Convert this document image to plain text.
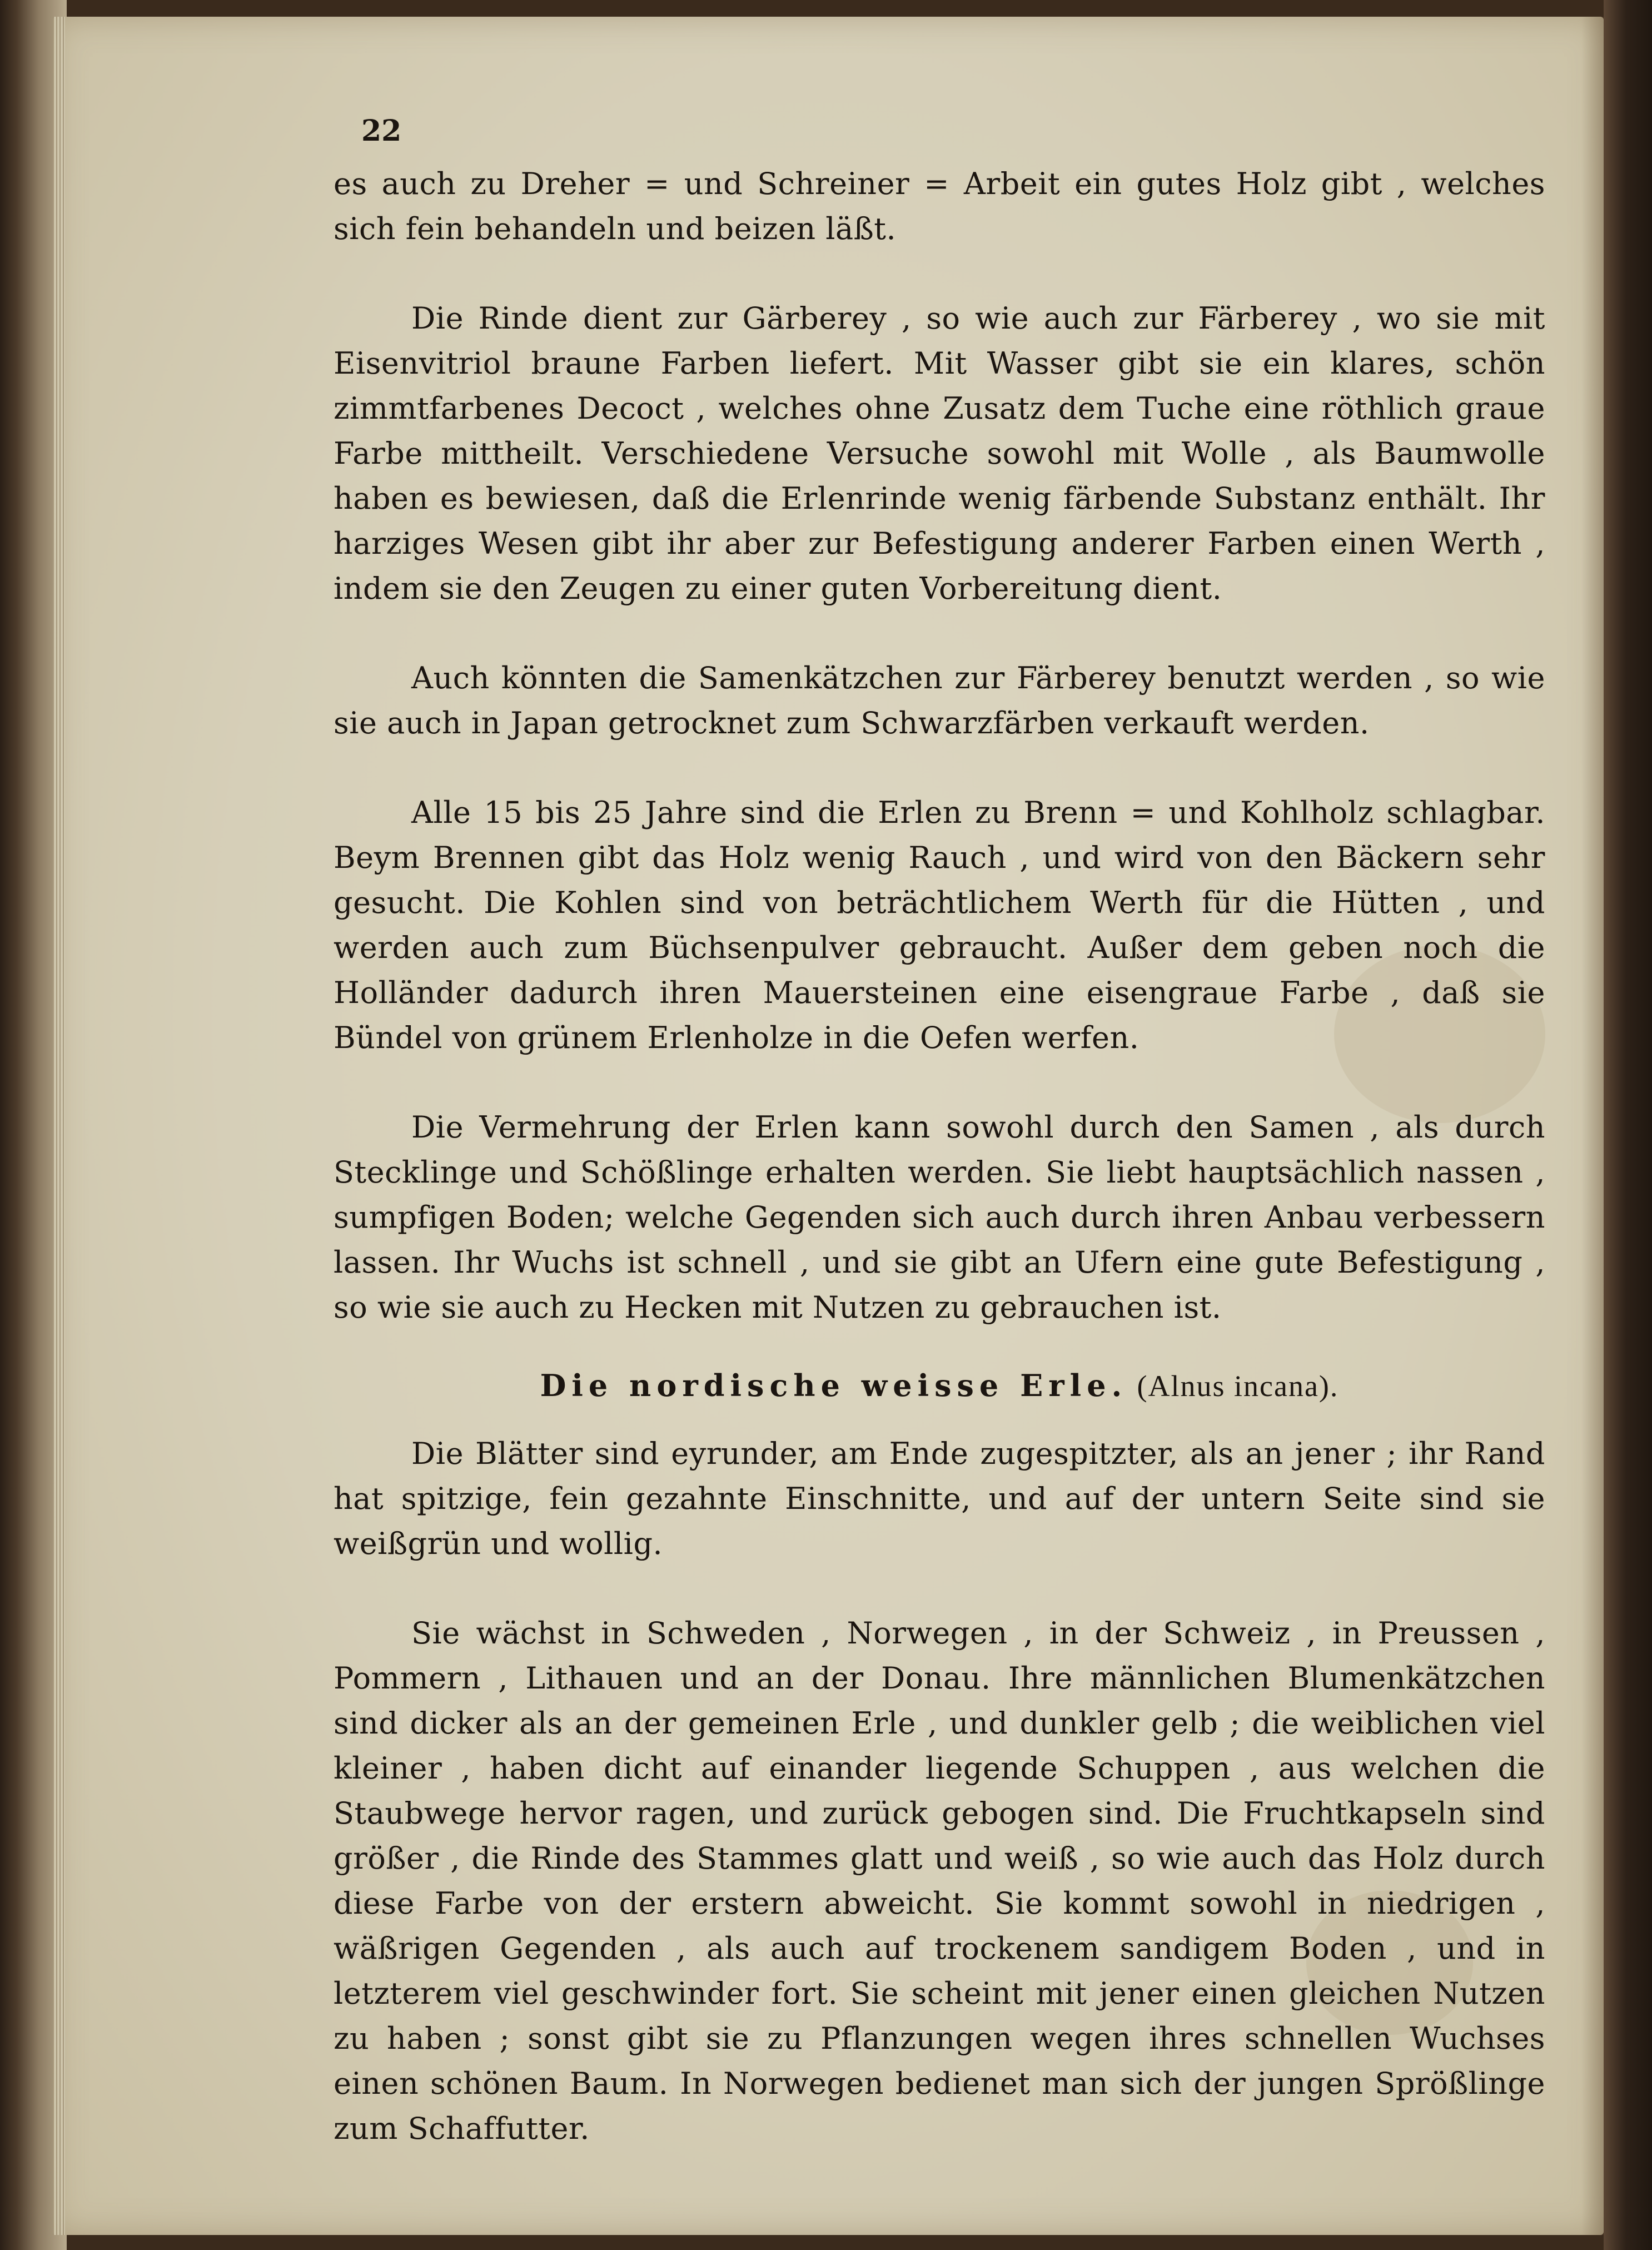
22

es auch zu Dreher = und Schreiner = Arbeit ein gutes Holz gibt , welches sich fein behandeln und beizen läßt.

Die Rinde dient zur Gärberey , so wie auch zur Färberey , wo sie mit Eisenvitriol braune Farben liefert. Mit Wasser gibt sie ein klares, schön zimmtfarbenes Decoct , welches ohne Zusatz dem Tuche eine röthlich graue Farbe mittheilt. Verschiedene Versuche sowohl mit Wolle , als Baumwolle haben es bewiesen, daß die Erlenrinde wenig färbende Substanz enthält. Ihr harziges Wesen gibt ihr aber zur Befestigung anderer Farben einen Werth , indem sie den Zeugen zu einer guten Vorbereitung dient.

Auch könnten die Samenkätzchen zur Färberey benutzt werden , so wie sie auch in Japan getrocknet zum Schwarzfärben verkauft werden.

Alle 15 bis 25 Jahre sind die Erlen zu Brenn = und Kohlholz schlagbar. Beym Brennen gibt das Holz wenig Rauch , und wird von den Bäckern sehr gesucht. Die Kohlen sind von beträchtlichem Werth für die Hütten , und werden auch zum Büchsenpulver gebraucht. Außer dem geben noch die Holländer dadurch ihren Mauersteinen eine eisengraue Farbe , daß sie Bündel von grünem Erlenholze in die Oefen werfen.

Die Vermehrung der Erlen kann sowohl durch den Samen , als durch Stecklinge und Schößlinge erhalten werden. Sie liebt hauptsächlich nassen , sumpfigen Boden; welche Gegenden sich auch durch ihren Anbau verbessern lassen. Ihr Wuchs ist schnell , und sie gibt an Ufern eine gute Befestigung , so wie sie auch zu Hecken mit Nutzen zu gebrauchen ist.

Die nordische weisse Erle. (Alnus incana).

Die Blätter sind eyrunder, am Ende zugespitzter, als an jener ; ihr Rand hat spitzige, fein gezahnte Einschnitte, und auf der untern Seite sind sie weißgrün und wollig.

Sie wächst in Schweden , Norwegen , in der Schweiz , in Preussen , Pommern , Lithauen und an der Donau. Ihre männlichen Blumenkätzchen sind dicker als an der gemeinen Erle , und dunkler gelb ; die weiblichen viel kleiner , haben dicht auf einander liegende Schuppen , aus welchen die Staubwege hervor ragen, und zurück gebogen sind. Die Fruchtkapseln sind größer , die Rinde des Stammes glatt und weiß , so wie auch das Holz durch diese Farbe von der erstern abweicht. Sie kommt sowohl in niedrigen , wäßrigen Gegenden , als auch auf trockenem sandigem Boden , und in letzterem viel geschwinder fort. Sie scheint mit jener einen gleichen Nutzen zu haben ; sonst gibt sie zu Pflanzungen wegen ihres schnellen Wuchses einen schönen Baum. In Norwegen bedienet man sich der jungen Sprößlinge zum Schaffutter.
